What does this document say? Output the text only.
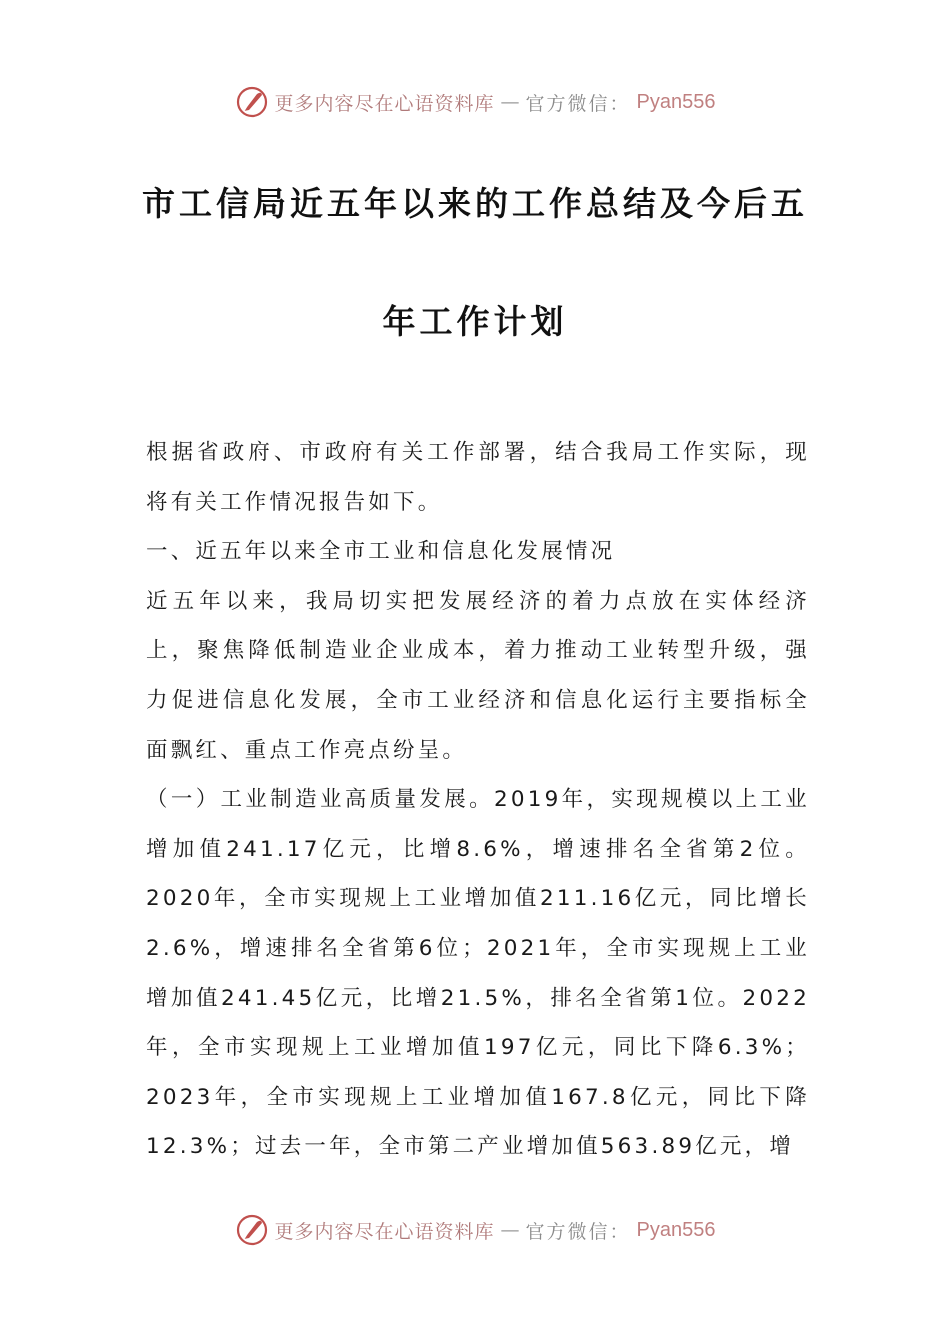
更多内容尽在心语资料库 — 官方微信： Pyan556
市工信局近五年以来的工作总结及今后五
年工作计划

根据省政府、市政府有关工作部署，结合我局工作实际，现将有关工作情况报告如下。

一、近五年以来全市工业和信息化发展情况

近五年以来，我局切实把发展经济的着力点放在实体经济上，聚焦降低制造业企业成本，着力推动工业转型升级，强力促进信息化发展，全市工业经济和信息化运行主要指标全面飘红、重点工作亮点纷呈。

（一）工业制造业高质量发展。2019年，实现规模以上工业增加值241.17亿元，比增8.6%，增速排名全省第2位。2020年，全市实现规上工业增加值211.16亿元，同比增长2.6%，增速排名全省第6位；2021年，全市实现规上工业增加值241.45亿元，比增21.5%，排名全省第1位。2022年，全市实现规上工业增加值197亿元，同比下降6.3%；2023年，全市实现规上工业增加值167.8亿元，同比下降12.3%；过去一年，全市第二产业增加值563.89亿元，增

更多内容尽在心语资料库 — 官方微信： Pyan556
